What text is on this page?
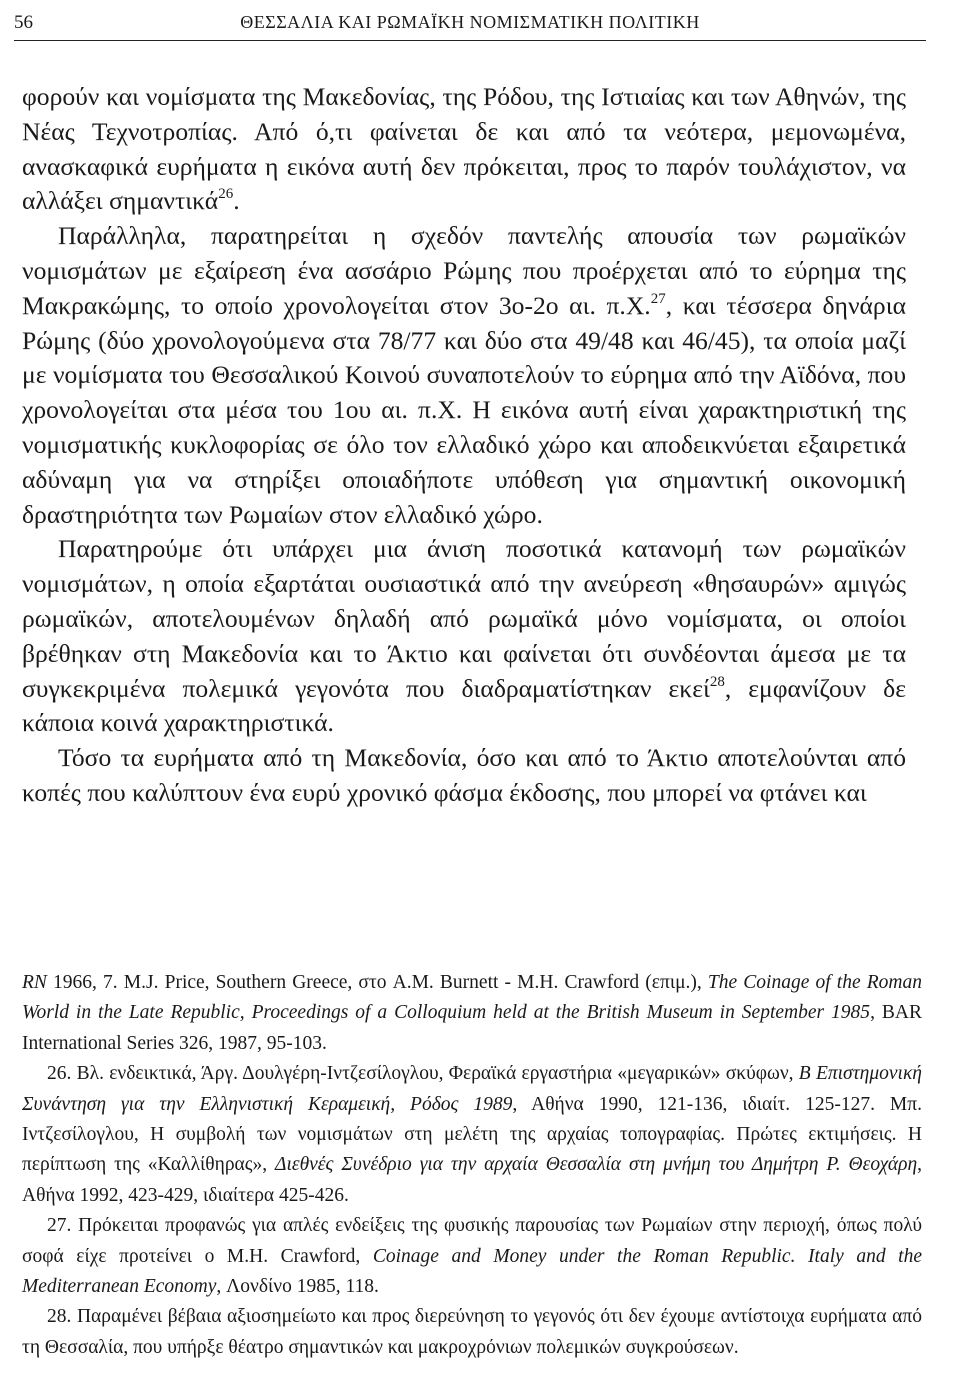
56	ΘΕΣΣΑΛΙΑ ΚΑΙ ΡΩΜΑΪΚΗ ΝΟΜΙΣΜΑΤΙΚΗ ΠΟΛΙΤΙΚΗ

φορούν και νομίσματα της Μακεδονίας, της Ρόδου, της Ιστιαίας και των Αθηνών, της Νέας Τεχνοτροπίας. Από ό,τι φαίνεται δε και από τα νεότερα, μεμονωμένα, ανασκαφικά ευρήματα η εικόνα αυτή δεν πρόκειται, προς το παρόν τουλάχιστον, να αλλάξει σημαντικά$^{26}$.

Παράλληλα, παρατηρείται η σχεδόν παντελής απουσία των ρωμαϊκών νομισμάτων με εξαίρεση ένα ασσάριο Ρώμης που προέρχεται από το εύρημα της Μακρακώμης, το οποίο χρονολογείται στον 3ο-2ο αι. π.Χ.$^{27}$, και τέσσερα δηνάρια Ρώμης (δύο χρονολογούμενα στα 78/77 και δύο στα 49/48 και 46/45), τα οποία μαζί με νομίσματα του Θεσσαλικού Κοινού συναποτελούν το εύρημα από την Αϊδόνα, που χρονολογείται στα μέσα του 1ου αι. π.Χ. Η εικόνα αυτή είναι χαρακτηριστική της νομισματικής κυκλοφορίας σε όλο τον ελλαδικό χώρο και αποδεικνύεται εξαιρετικά αδύναμη για να στηρίξει οποιαδήποτε υπόθεση για σημαντική οικονομική δραστηριότητα των Ρωμαίων στον ελλαδικό χώρο.

Παρατηρούμε ότι υπάρχει μια άνιση ποσοτικά κατανομή των ρωμαϊκών νομισμάτων, η οποία εξαρτάται ουσιαστικά από την ανεύρεση «θησαυρών» αμιγώς ρωμαϊκών, αποτελουμένων δηλαδή από ρωμαϊκά μόνο νομίσματα, οι οποίοι βρέθηκαν στη Μακεδονία και το Άκτιο και φαίνεται ότι συνδέονται άμεσα με τα συγκεκριμένα πολεμικά γεγονότα που διαδραματίστηκαν εκεί$^{28}$, εμφανίζουν δε κάποια κοινά χαρακτηριστικά.

Τόσο τα ευρήματα από τη Μακεδονία, όσο και από το Άκτιο αποτελούνται από κοπές που καλύπτουν ένα ευρύ χρονικό φάσμα έκδοσης, που μπορεί να φτάνει και

RN 1966, 7. M.J. Price, Southern Greece, στο A.M. Burnett - M.H. Crawford (επιμ.), The Coinage of the Roman World in the Late Republic, Proceedings of a Colloquium held at the British Museum in September 1985, BAR International Series 326, 1987, 95-103.

26. Βλ. ενδεικτικά, Άργ. Δουλγέρη-Ιντζεσίλογλου, Φεραϊκά εργαστήρια «μεγαρικών» σκύφων, Β Επιστημονική Συνάντηση για την Ελληνιστική Κεραμεική, Ρόδος 1989, Αθήνα 1990, 121-136, ιδιαίτ. 125-127. Μπ. Ιντζεσίλογλου, Η συμβολή των νομισμάτων στη μελέτη της αρχαίας τοπογραφίας. Πρώτες εκτιμήσεις. Η περίπτωση της «Καλλίθηρας», Διεθνές Συνέδριο για την αρχαία Θεσσαλία στη μνήμη του Δημήτρη Ρ. Θεοχάρη, Αθήνα 1992, 423-429, ιδιαίτερα 425-426.

27. Πρόκειται προφανώς για απλές ενδείξεις της φυσικής παρουσίας των Ρωμαίων στην περιοχή, όπως πολύ σοφά είχε προτείνει ο M.H. Crawford, Coinage and Money under the Roman Republic. Italy and the Mediterranean Economy, Λονδίνο 1985, 118.

28. Παραμένει βέβαια αξιοσημείωτο και προς διερεύνηση το γεγονός ότι δεν έχουμε αντίστοιχα ευρήματα από τη Θεσσαλία, που υπήρξε θέατρο σημαντικών και μακροχρόνιων πολεμικών συγκρούσεων.
